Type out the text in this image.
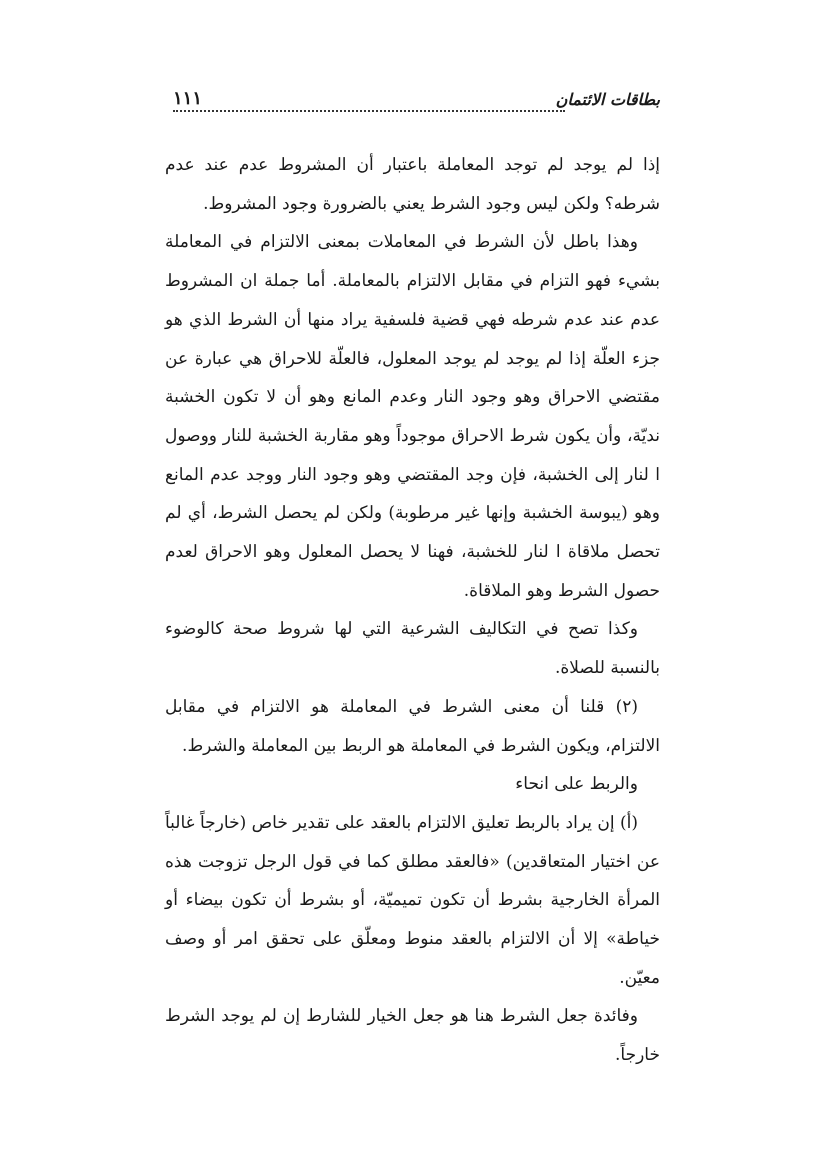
١١١	بطاقات الائتمان

إذا لم يوجد لم توجد المعاملة باعتبار أن المشروط عدم عند عدم شرطه؟ ولكن ليس وجود الشرط يعني بالضرورة وجود المشروط.

وهذا باطل لأن الشرط في المعاملات بمعنى الالتزام في المعاملة بشيء فهو التزام في مقابل الالتزام بالمعاملة. أما جملة ان المشروط عدم عند عدم شرطه فهي قضية فلسفية يراد منها أن الشرط الذي هو جزء العلّة إذا لم يوجد لم يوجد المعلول، فالعلّة للاحراق هي عبارة عن مقتضي الاحراق وهو وجود النار وعدم المانع وهو أن لا تكون الخشبة نديّة، وأن يكون شرط الاحراق موجوداً وهو مقاربة الخشبة للنار ووصول ا لنار إلى الخشبة، فإن وجد المقتضي وهو وجود النار ووجد عدم المانع وهو (يبوسة الخشبة وإنها غير مرطوبة) ولكن لم يحصل الشرط، أي لم تحصل ملاقاة ا لنار للخشبة، فهنا لا يحصل المعلول وهو الاحراق لعدم حصول الشرط وهو الملاقاة.

وكذا تصح في التكاليف الشرعية التي لها شروط صحة كالوضوء بالنسبة للصلاة.

(٢) قلنا أن معنى الشرط في المعاملة هو الالتزام في مقابل الالتزام، ويكون الشرط في المعاملة هو الربط بين المعاملة والشرط.

والربط على انحاء

(أ) إن يراد بالربط تعليق الالتزام بالعقد على تقدير خاص (خارجاً غالباً عن اختيار المتعاقدين) «فالعقد مطلق كما في قول الرجل تزوجت هذه المرأة الخارجية بشرط أن تكون تميميّة، أو بشرط أن تكون بيضاء أو خياطة» إلا أن الالتزام بالعقد منوط ومعلّق على تحقق امر أو وصف معيّن.

وفائدة جعل الشرط هنا هو جعل الخيار للشارط إن لم يوجد الشرط خارجاً.
